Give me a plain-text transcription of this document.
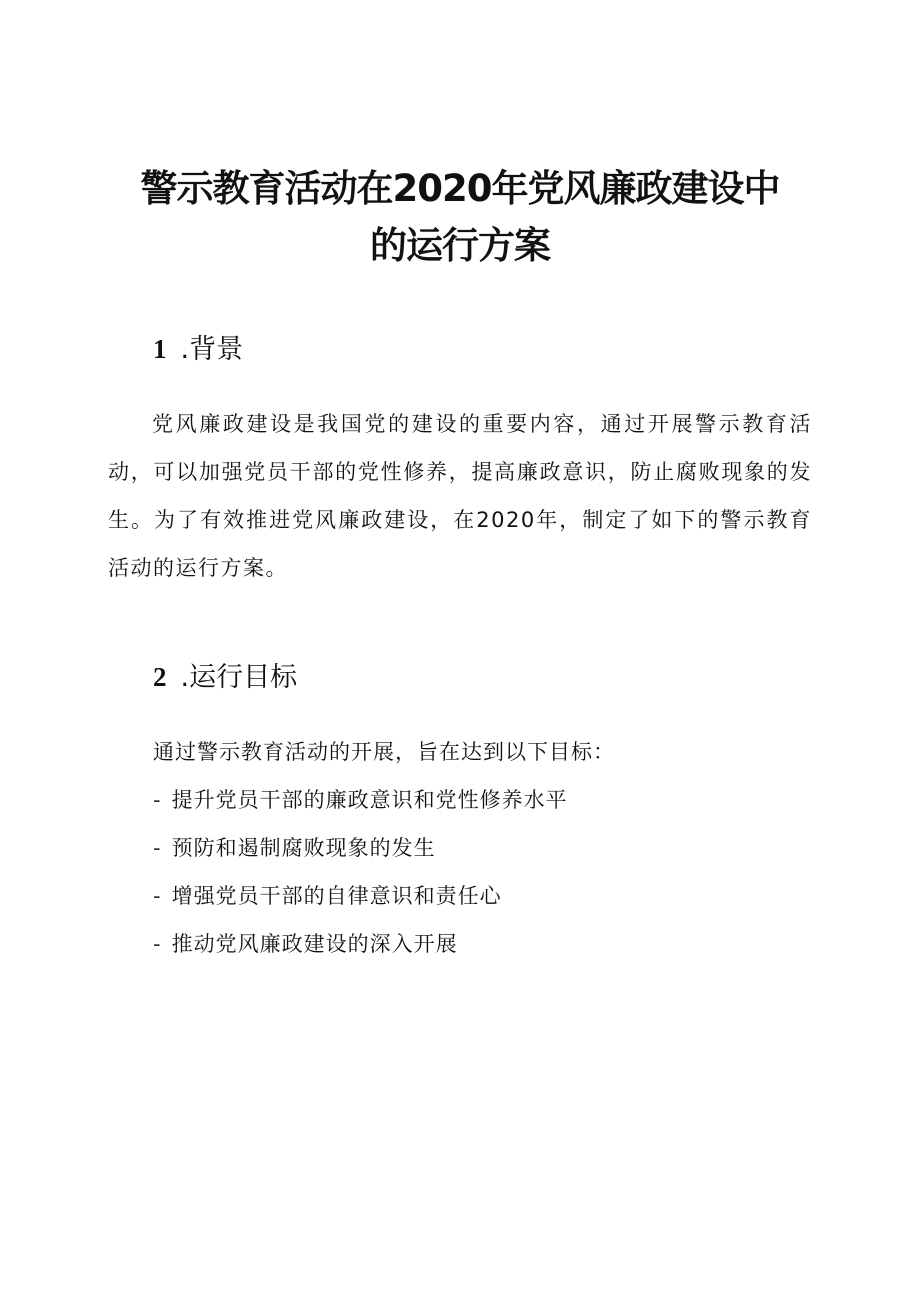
警示教育活动在2020年党风廉政建设中
的运行方案
1 .背景

党风廉政建设是我国党的建设的重要内容，通过开展警示教育活动，可以加强党员干部的党性修养，提高廉政意识，防止腐败现象的发生。为了有效推进党风廉政建设，在2020年，制定了如下的警示教育活动的运行方案。

2 .运行目标

通过警示教育活动的开展，旨在达到以下目标：

- 提升党员干部的廉政意识和党性修养水平
- 预防和遏制腐败现象的发生
- 增强党员干部的自律意识和责任心
- 推动党风廉政建设的深入开展
